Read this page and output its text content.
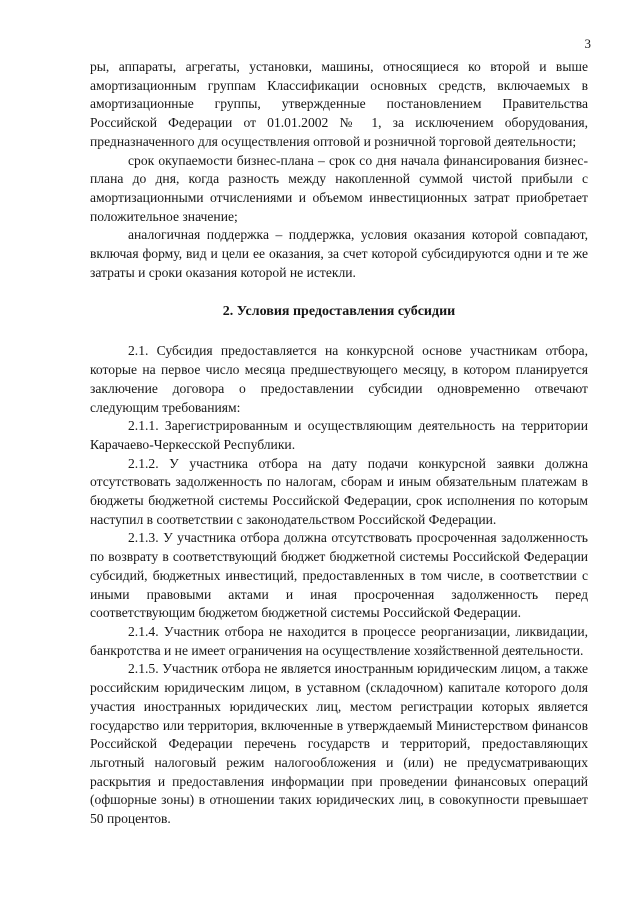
3

ры, аппараты, агрегаты, установки, машины, относящиеся ко второй и выше амортизационным группам Классификации основных средств, включаемых в амортизационные группы, утвержденные постановлением Правительства Российской Федерации от 01.01.2002 № 1, за исключением оборудования, предназначенного для осуществления оптовой и розничной торговой деятельности;

срок окупаемости бизнес-плана – срок со дня начала финансирования бизнес-плана до дня, когда разность между накопленной суммой чистой прибыли с амортизационными отчислениями и объемом инвестиционных затрат приобретает положительное значение;

аналогичная поддержка – поддержка, условия оказания которой совпадают, включая форму, вид и цели ее оказания, за счет которой субсидируются одни и те же затраты и сроки оказания которой не истекли.

2. Условия предоставления субсидии

2.1. Субсидия предоставляется на конкурсной основе участникам отбора, которые на первое число месяца предшествующего месяцу, в котором планируется заключение договора о предоставлении субсидии одновременно отвечают следующим требованиям:

2.1.1. Зарегистрированным и осуществляющим деятельность на территории Карачаево-Черкесской Республики.

2.1.2. У участника отбора на дату подачи конкурсной заявки должна отсутствовать задолженность по налогам, сборам и иным обязательным платежам в бюджеты бюджетной системы Российской Федерации, срок исполнения по которым наступил в соответствии с законодательством Российской Федерации.

2.1.3. У участника отбора должна отсутствовать просроченная задолженность по возврату в соответствующий бюджет бюджетной системы Российской Федерации субсидий, бюджетных инвестиций, предоставленных в том числе, в соответствии с иными правовыми актами и иная просроченная задолженность перед соответствующим бюджетом бюджетной системы Российской Федерации.

2.1.4. Участник отбора не находится в процессе реорганизации, ликвидации, банкротства и не имеет ограничения на осуществление хозяйственной деятельности.

2.1.5. Участник отбора не является иностранным юридическим лицом, а также российским юридическим лицом, в уставном (складочном) капитале которого доля участия иностранных юридических лиц, местом регистрации которых является государство или территория, включенные в утверждаемый Министерством финансов Российской Федерации перечень государств и территорий, предоставляющих льготный налоговый режим налогообложения и (или) не предусматривающих раскрытия и предоставления информации при проведении финансовых операций (офшорные зоны) в отношении таких юридических лиц, в совокупности превышает 50 процентов.
